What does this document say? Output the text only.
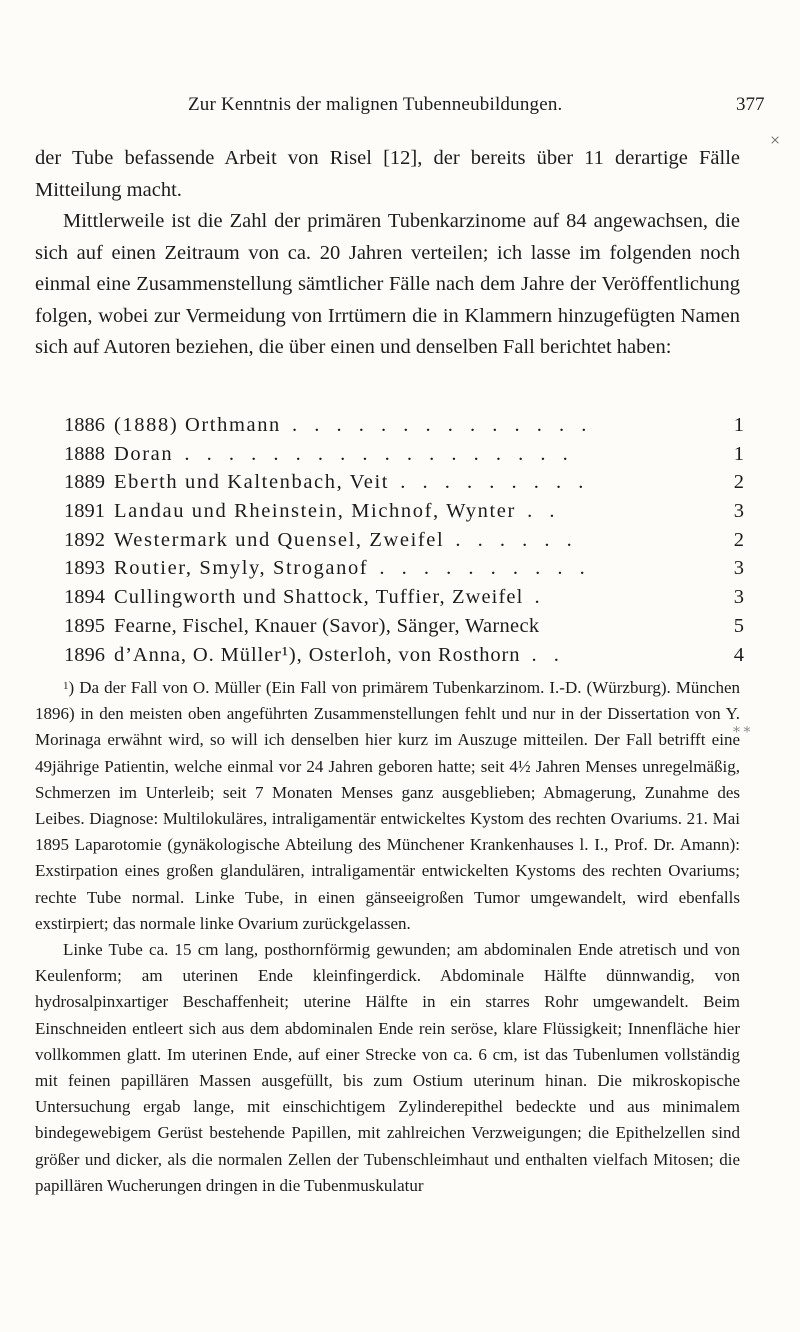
Zur Kenntnis der malignen Tubenneubildungen.	377
×
⁎ ⁎

der Tube befassende Arbeit von Risel [12], der bereits über 11 derartige Fälle Mitteilung macht.

Mittlerweile ist die Zahl der primären Tubenkarzinome auf 84 angewachsen, die sich auf einen Zeitraum von ca. 20 Jahren verteilen; ich lasse im folgenden noch einmal eine Zusammenstellung sämtlicher Fälle nach dem Jahre der Veröffentlichung folgen, wobei zur Vermeidung von Irrtümern die in Klammern hinzugefügten Namen sich auf Autoren beziehen, die über einen und denselben Fall berichtet haben:

1886 (1888) Orthmann . . . . . . . . . . . . . .	1
1888 Doran . . . . . . . . . . . . . . . . . .	1
1889 Eberth und Kaltenbach, Veit . . . . . . . . .	2
1891 Landau und Rheinstein, Michnof, Wynter . .	3
1892 Westermark und Quensel, Zweifel . . . . . .	2
1893 Routier, Smyly, Stroganof . . . . . . . . . .	3
1894 Cullingworth und Shattock, Tuffier, Zweifel .	3
1895 Fearne, Fischel, Knauer (Savor), Sänger, Warneck	5
1896 d’Anna, O. Müller¹), Osterloh, von Rosthorn . .	4

$^1$) Da der Fall von O. Müller (Ein Fall von primärem Tubenkarzinom. I.-D. (Würzburg). München 1896) in den meisten oben angeführten Zusammenstellungen fehlt und nur in der Dissertation von Y. Morinaga erwähnt wird, so will ich denselben hier kurz im Auszuge mitteilen. Der Fall betrifft eine 49jährige Patientin, welche einmal vor 24 Jahren geboren hatte; seit 4½ Jahren Menses unregelmäßig, Schmerzen im Unterleib; seit 7 Monaten Menses ganz ausgeblieben; Abmagerung, Zunahme des Leibes. Diagnose: Multilokuläres, intraligamentär entwickeltes Kystom des rechten Ovariums. 21. Mai 1895 Laparotomie (gynäkologische Abteilung des Münchener Krankenhauses l. I., Prof. Dr. Amann): Exstirpation eines großen glandulären, intraligamentär entwickelten Kystoms des rechten Ovariums; rechte Tube normal. Linke Tube, in einen gänseeigroßen Tumor umgewandelt, wird ebenfalls exstirpiert; das normale linke Ovarium zurückgelassen.

Linke Tube ca. 15 cm lang, posthornförmig gewunden; am abdominalen Ende atretisch und von Keulenform; am uterinen Ende kleinfingerdick. Abdominale Hälfte dünnwandig, von hydrosalpinxartiger Beschaffenheit; uterine Hälfte in ein starres Rohr umgewandelt. Beim Einschneiden entleert sich aus dem abdominalen Ende rein seröse, klare Flüssigkeit; Innenfläche hier vollkommen glatt. Im uterinen Ende, auf einer Strecke von ca. 6 cm, ist das Tubenlumen vollständig mit feinen papillären Massen ausgefüllt, bis zum Ostium uterinum hinan. Die mikroskopische Untersuchung ergab lange, mit einschichtigem Zylinderepithel bedeckte und aus minimalem bindegewebigem Gerüst bestehende Papillen, mit zahlreichen Verzweigungen; die Epithelzellen sind größer und dicker, als die normalen Zellen der Tubenschleimhaut und enthalten vielfach Mitosen; die papillären Wucherungen dringen in die Tubenmuskulatur
